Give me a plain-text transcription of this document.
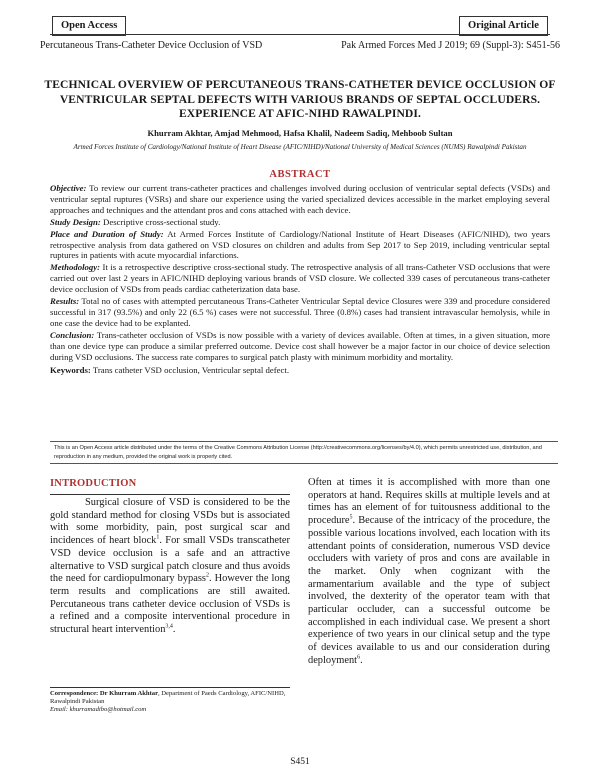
Open Access	Original Article
Percutaneous Trans-Catheter Device Occlusion of VSD	Pak Armed Forces Med J 2019; 69 (Suppl-3): S451-56
TECHNICAL OVERVIEW OF PERCUTANEOUS TRANS-CATHETER DEVICE OCCLUSION OF VENTRICULAR SEPTAL DEFECTS WITH VARIOUS BRANDS OF SEPTAL OCCLUDERS. EXPERIENCE AT AFIC-NIHD RAWALPINDI.
Khurram Akhtar, Amjad Mehmood, Hafsa Khalil, Nadeem Sadiq, Mehboob Sultan
Armed Forces Institute of Cardiology/National Institute of Heart Disease (AFIC/NIHD)/National University of Medical Sciences (NUMS) Rawalpindi Pakistan
ABSTRACT

Objective: To review our current trans-catheter practices and challenges involved during occlusion of ventricular septal defects (VSDs) and ventricular septal ruptures (VSRs) and share our experience using the varied specialized devices accessible in the market employing several approaches and techniques and the attendant pros and cons attached with each device.

Study Design: Descriptive cross-sectional study.

Place and Duration of Study: At Armed Forces Institute of Cardiology/National Institute of Heart Diseases (AFIC/NIHD), two years retrospective analysis from data gathered on VSD closures on children and adults from Sep 2017 to Sep 2019, including ventricular septal ruptures in patients with acute myocardial infarctions.

Methodology: It is a retrospective descriptive cross-sectional study. The retrospective analysis of all trans-Catheter VSD occlusions that were carried out over last 2 years in AFIC/NIHD deploying various brands of VSD closure. We collected 339 cases of percutaneous trans-catheter device occlusion of VSDs from peads cardiac catheterization data base.

Results: Total no of cases with attempted percutaneous Trans-Catheter Ventricular Septal device Closures were 339 and procedure considered successful in 317 (93.5%) and only 22 (6.5 %) cases were not successful. Three (0.8%) cases had transient intravascular hemolysis, while in one case the device had to be explanted.

Conclusion: Trans-catheter occlusion of VSDs is now possible with a variety of devices available. Often at times, in a given situation, more than one device type can produce a similar preferred outcome. Device cost shall however be a major factor in our choice of device selection during VSD occlusions. The success rate compares to surgical patch plasty with minimum morbidity and mortality.

Keywords: Trans catheter VSD occlusion, Ventricular septal defect.

This is an Open Access article distributed under the terms of the Creative Commons Attribution License (http://creativecommons.org/licenses/by/4.0), which permits unrestricted use, distribution, and reproduction in any medium, provided the original work is properly cited.
INTRODUCTION

Surgical closure of VSD is considered to be the gold standard method for closing VSDs but is associated with some morbidity, pain, post surgical scar and incidences of heart block$^1$. For small VSDs transcatheter VSD device occlusion is a safe and an attractive alternative to VSD surgical patch closure and thus avoids the need for cardiopulmonary bypass$^2$. However the long term results and complications are still awaited. Percutaneous trans catheter device occlusion of VSDs is a refined and a composite interventional procedure in structural heart intervention$^{3,4}$.

Often at times it is accomplished with more than one operators at hand. Requires skills at multiple levels and at times has an element of for tuitousness additional to the procedure$^5$. Because of the intricacy of the procedure, the possible various locations involved, each location with its attendant points of consideration, numerous VSD device occluders with variety of pros and cons are available in the market. Only when cognizant with the armamentarium available and the type of subject involved, the dexterity of the operator team with that particular occluder, can a successful outcome be accomplished in each individual case. We present a short experience of two years in our clinical setup and the type of devices available to us and our consideration during deployment$^6$.

Correspondence: Dr Khurram Akhtar, Department of Paeds Cardiology, AFIC/NIHD, Rawalpindi Pakistan
Email: khurramadibo@hotmail.com
S451
